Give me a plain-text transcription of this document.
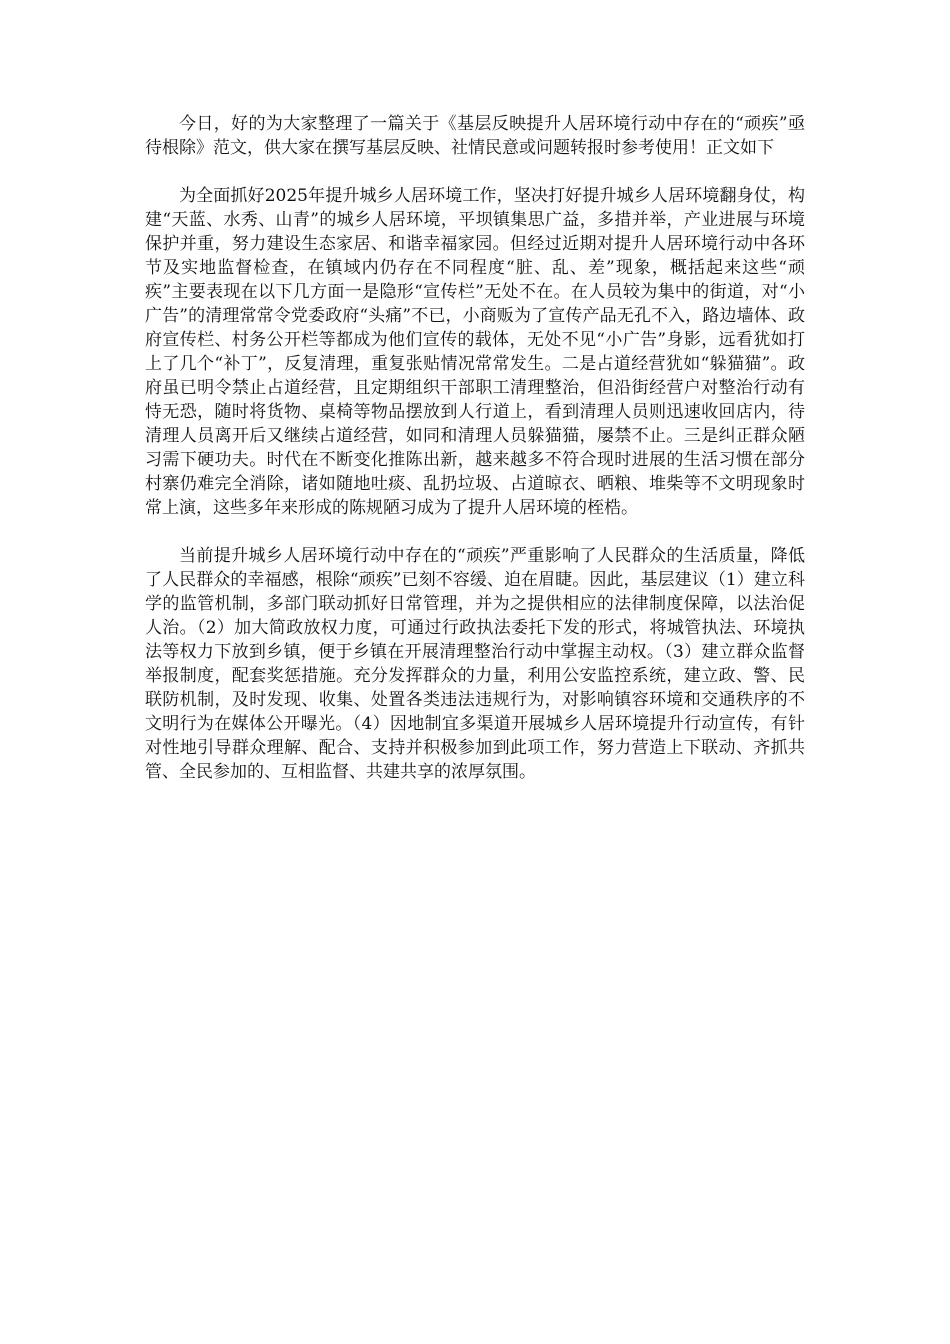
今日，好的为大家整理了一篇关于《基层反映提升人居环境行动中存在的“顽疾”亟待根除》范文，供大家在撰写基层反映、社情民意或问题转报时参考使用！正文如下

为全面抓好2025年提升城乡人居环境工作，坚决打好提升城乡人居环境翻身仗，构建“天蓝、水秀、山青”的城乡人居环境，平坝镇集思广益，多措并举，产业进展与环境保护并重，努力建设生态家居、和谐幸福家园。但经过近期对提升人居环境行动中各环节及实地监督检查，在镇域内仍存在不同程度“脏、乱、差”现象，概括起来这些“顽疾”主要表现在以下几方面一是隐形“宣传栏”无处不在。在人员较为集中的街道，对“小广告”的清理常常令党委政府“头痛”不已，小商贩为了宣传产品无孔不入，路边墙体、政府宣传栏、村务公开栏等都成为他们宣传的载体，无处不见“小广告”身影，远看犹如打上了几个“补丁”，反复清理，重复张贴情况常常发生。二是占道经营犹如“躲猫猫”。政府虽已明令禁止占道经营，且定期组织干部职工清理整治，但沿街经营户对整治行动有恃无恐，随时将货物、桌椅等物品摆放到人行道上，看到清理人员则迅速收回店内，待清理人员离开后又继续占道经营，如同和清理人员躲猫猫，屡禁不止。三是纠正群众陋习需下硬功夫。时代在不断变化推陈出新，越来越多不符合现时进展的生活习惯在部分村寨仍难完全消除，诸如随地吐痰、乱扔垃圾、占道晾衣、晒粮、堆柴等不文明现象时常上演，这些多年来形成的陈规陋习成为了提升人居环境的桎梏。

当前提升城乡人居环境行动中存在的“顽疾”严重影响了人民群众的生活质量，降低了人民群众的幸福感，根除“顽疾”已刻不容缓、迫在眉睫。因此，基层建议（1）建立科学的监管机制，多部门联动抓好日常管理，并为之提供相应的法律制度保障，以法治促人治。（2）加大简政放权力度，可通过行政执法委托下发的形式，将城管执法、环境执法等权力下放到乡镇，便于乡镇在开展清理整治行动中掌握主动权。（3）建立群众监督举报制度，配套奖惩措施。充分发挥群众的力量，利用公安监控系统，建立政、警、民联防机制，及时发现、收集、处置各类违法违规行为，对影响镇容环境和交通秩序的不文明行为在媒体公开曝光。（4）因地制宜多渠道开展城乡人居环境提升行动宣传，有针对性地引导群众理解、配合、支持并积极参加到此项工作，努力营造上下联动、齐抓共管、全民参加的、互相监督、共建共享的浓厚氛围。
